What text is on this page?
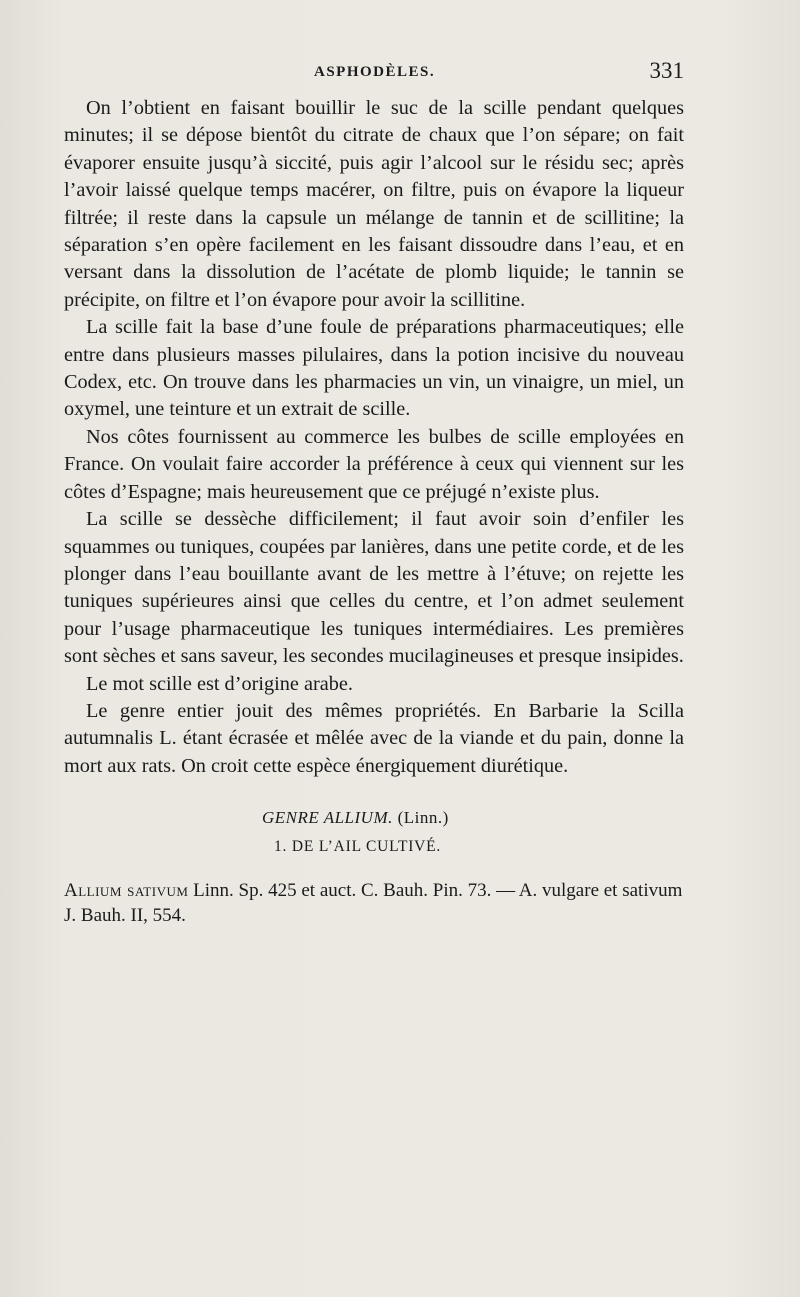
ASPHODÈLES.	331

On l’obtient en faisant bouillir le suc de la scille pendant quelques minutes; il se dépose bientôt du citrate de chaux que l’on sépare; on fait évaporer ensuite jusqu’à siccité, puis agir l’alcool sur le résidu sec; après l’avoir laissé quelque temps macérer, on filtre, puis on évapore la liqueur filtrée; il reste dans la capsule un mélange de tannin et de scillitine; la séparation s’en opère facilement en les faisant dissoudre dans l’eau, et en versant dans la dissolution de l’acétate de plomb liquide; le tannin se précipite, on filtre et l’on évapore pour avoir la scillitine.

La scille fait la base d’une foule de préparations pharmaceutiques; elle entre dans plusieurs masses pilulaires, dans la potion incisive du nouveau Codex, etc. On trouve dans les pharmacies un vin, un vinaigre, un miel, un oxymel, une teinture et un extrait de scille.

Nos côtes fournissent au commerce les bulbes de scille employées en France. On voulait faire accorder la préférence à ceux qui viennent sur les côtes d’Espagne; mais heureusement que ce préjugé n’existe plus.

La scille se dessèche difficilement; il faut avoir soin d’enfiler les squammes ou tuniques, coupées par lanières, dans une petite corde, et de les plonger dans l’eau bouillante avant de les mettre à l’étuve; on rejette les tuniques supérieures ainsi que celles du centre, et l’on admet seulement pour l’usage pharmaceutique les tuniques intermédiaires. Les premières sont sèches et sans saveur, les secondes mucilagineuses et presque insipides.

Le mot scille est d’origine arabe.

Le genre entier jouit des mêmes propriétés. En Barbarie la Scilla autumnalis L. étant écrasée et mêlée avec de la viande et du pain, donne la mort aux rats. On croit cette espèce énergiquement diurétique.

GENRE ALLIUM. (Linn.)
1. DE L’AIL CULTIVÉ.
Allium sativum Linn. Sp. 425 et auct. C. Bauh. Pin. 73. — A. vulgare et sativum J. Bauh. II, 554.
